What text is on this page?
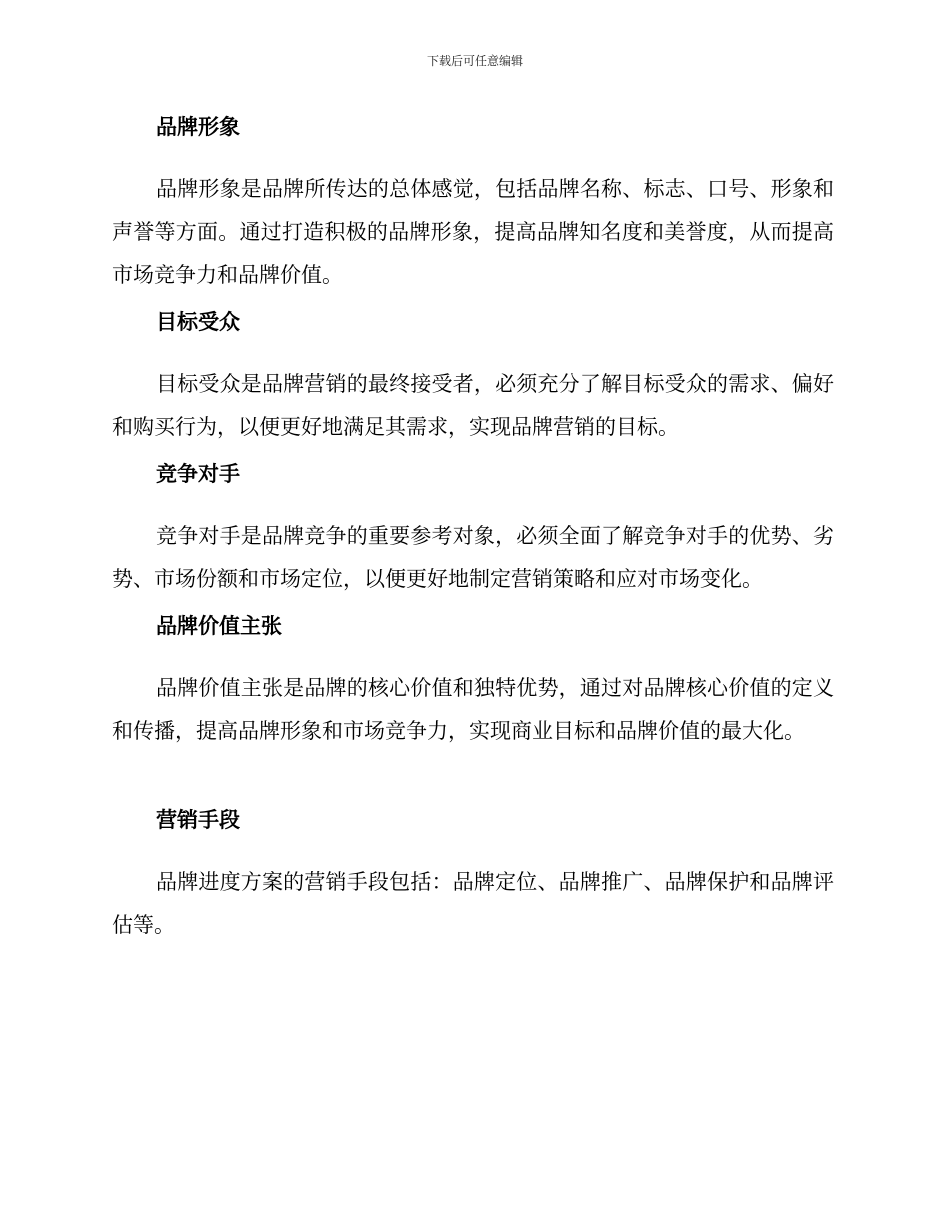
下载后可任意编辑
品牌形象

品牌形象是品牌所传达的总体感觉，包括品牌名称、标志、口号、形象和声誉等方面。通过打造积极的品牌形象，提高品牌知名度和美誉度，从而提高市场竞争力和品牌价值。

目标受众

目标受众是品牌营销的最终接受者，必须充分了解目标受众的需求、偏好和购买行为，以便更好地满足其需求，实现品牌营销的目标。

竞争对手

竞争对手是品牌竞争的重要参考对象，必须全面了解竞争对手的优势、劣势、市场份额和市场定位，以便更好地制定营销策略和应对市场变化。

品牌价值主张

品牌价值主张是品牌的核心价值和独特优势，通过对品牌核心价值的定义和传播，提高品牌形象和市场竞争力，实现商业目标和品牌价值的最大化。

营销手段

品牌进度方案的营销手段包括：品牌定位、品牌推广、品牌保护和品牌评估等。
